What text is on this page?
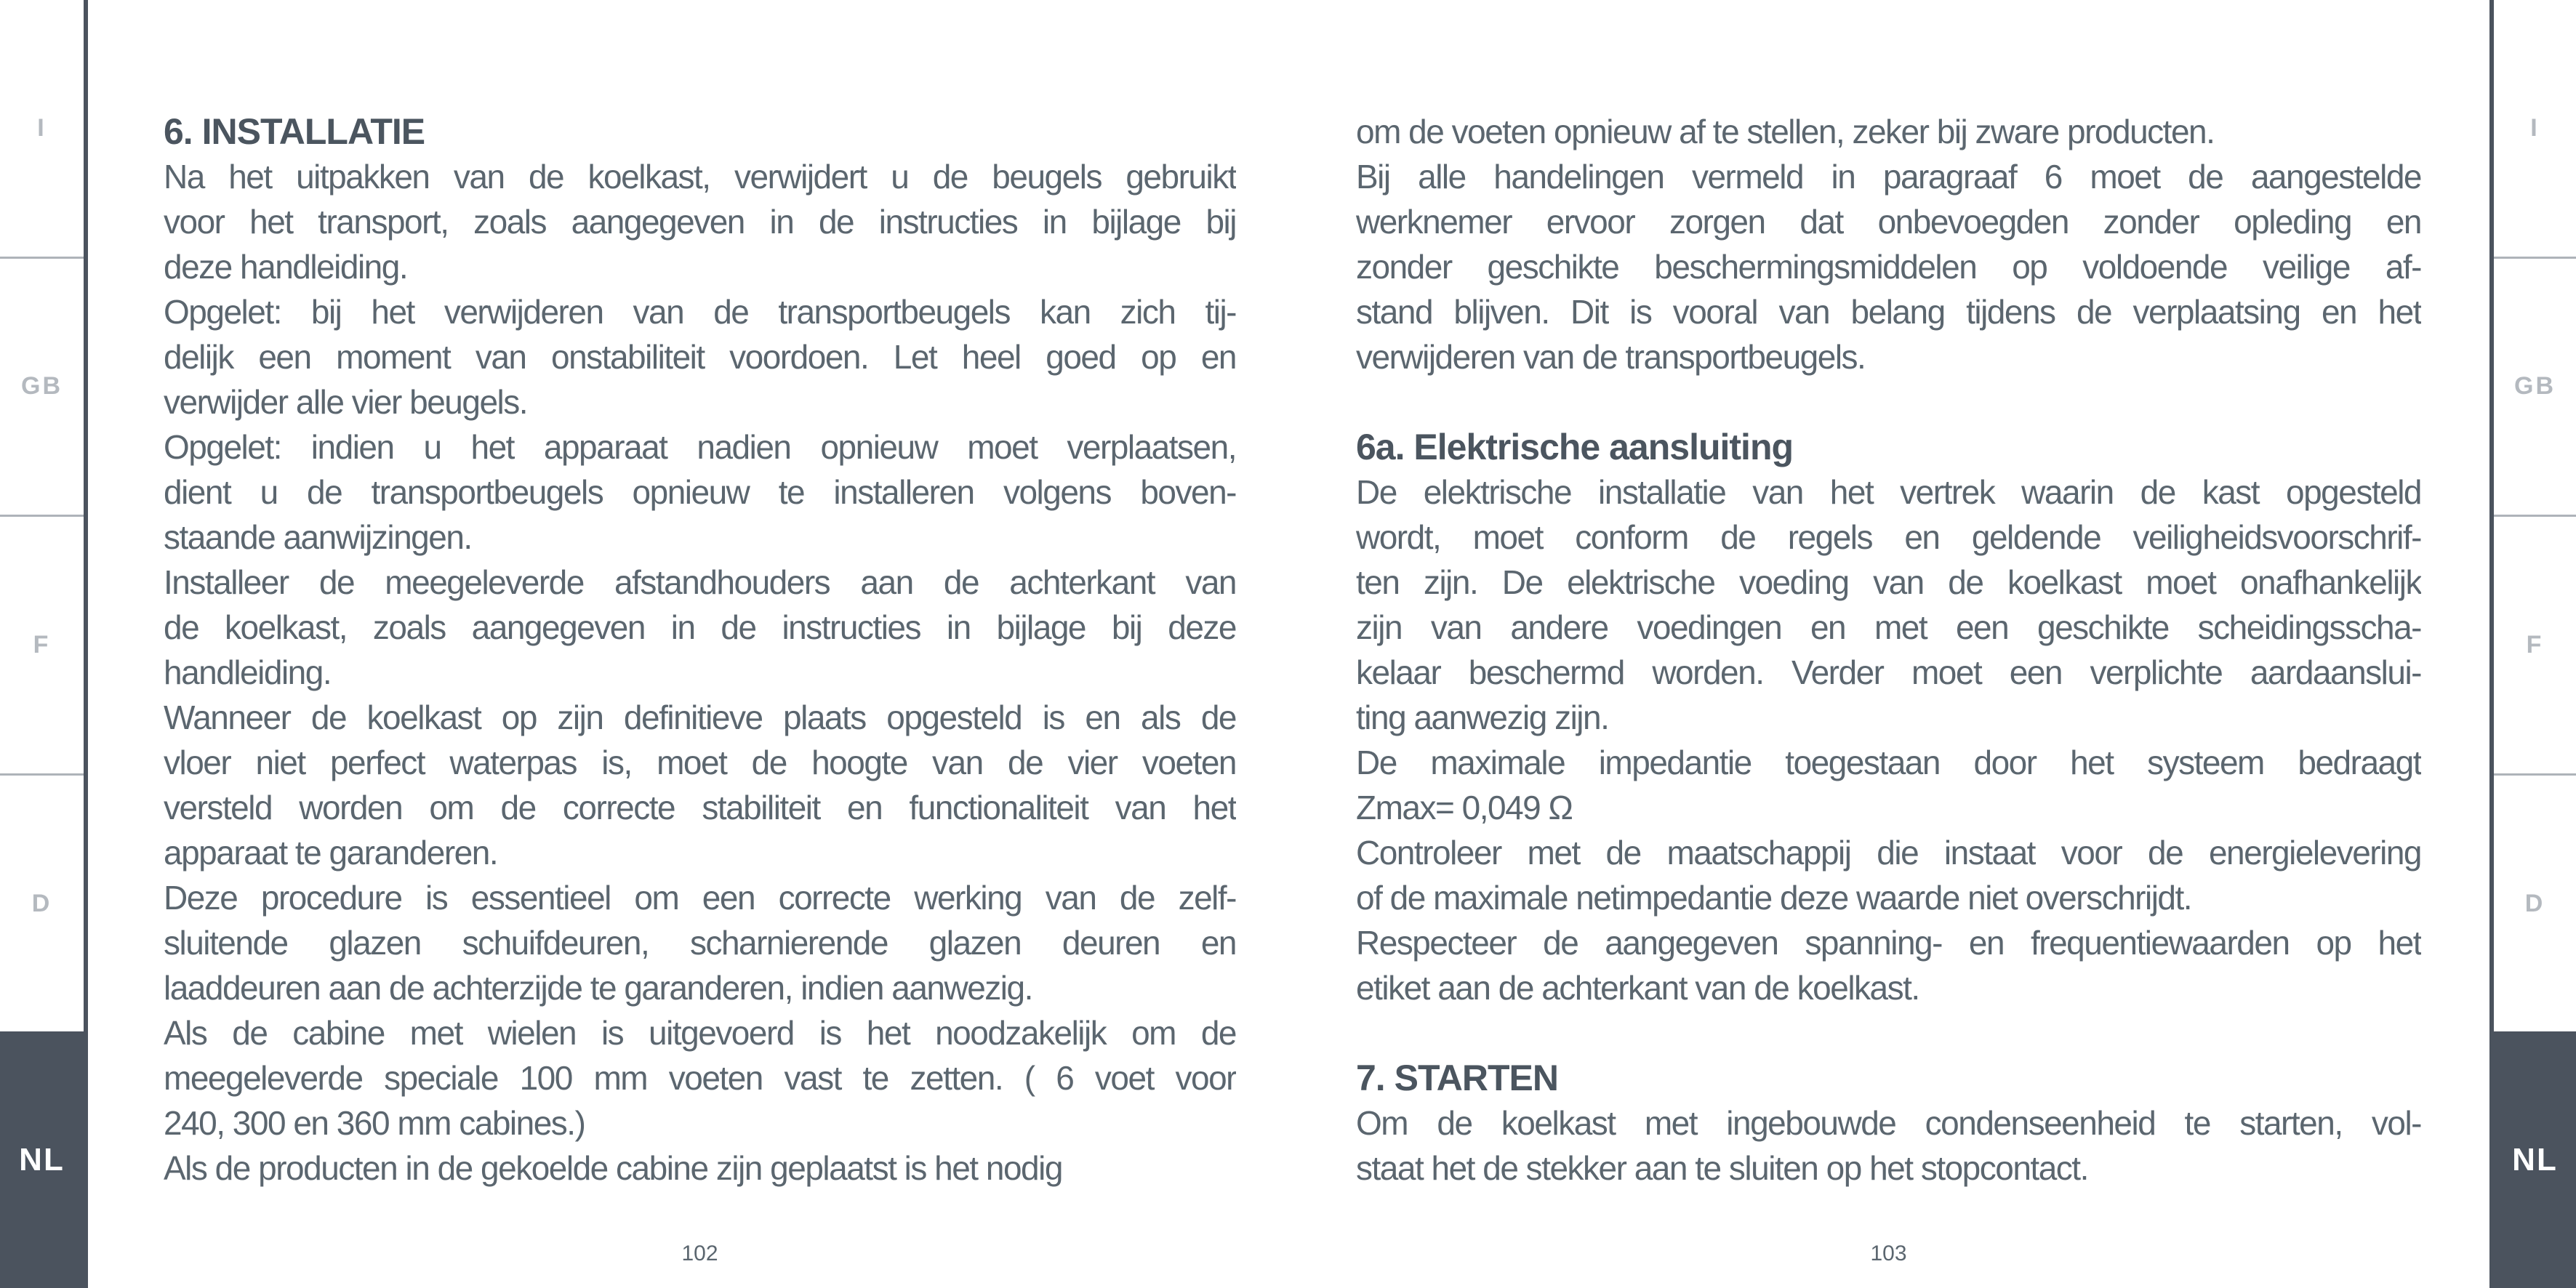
I
GB
F
D
NL
6. INSTALLATIE
Na het uitpakken van de koelkast, verwijdert u de beugels gebruikt
voor het transport, zoals aangegeven in de instructies in bijlage bij
deze handleiding.
Opgelet: bij het verwijderen van de transportbeugels kan zich tij-
delijk een moment van onstabiliteit voordoen. Let heel goed op en
verwijder alle vier beugels.
Opgelet: indien u het apparaat nadien opnieuw moet verplaatsen,
dient u de transportbeugels opnieuw te installeren volgens boven-
staande aanwijzingen.
Installeer de meegeleverde afstandhouders aan de achterkant van
de koelkast, zoals aangegeven in de instructies in bijlage bij deze
handleiding.
Wanneer de koelkast op zijn definitieve plaats opgesteld is en als de
vloer niet perfect waterpas is, moet de hoogte van de vier voeten
versteld worden om de correcte stabiliteit en functionaliteit van het
apparaat te garanderen.
Deze procedure is essentieel om een correcte werking van de zelf-
sluitende glazen schuifdeuren, scharnierende glazen deuren en
laaddeuren aan de achterzijde te garanderen, indien aanwezig.
Als de cabine met wielen is uitgevoerd is het noodzakelijk om de
meegeleverde speciale 100 mm voeten vast te zetten. ( 6 voet voor
240, 300 en 360 mm cabines.)
Als de producten in de gekoelde cabine zijn geplaatst is het nodig
om de voeten opnieuw af te stellen, zeker bij zware producten.
Bij alle handelingen vermeld in paragraaf 6 moet de aangestelde
werknemer ervoor zorgen dat onbevoegden zonder opleding en
zonder geschikte beschermingsmiddelen op voldoende veilige af-
stand blijven. Dit is vooral van belang tijdens de verplaatsing en het
verwijderen van de transportbeugels.
6a. Elektrische aansluiting
De elektrische installatie van het vertrek waarin de kast opgesteld
wordt, moet conform de regels en geldende veiligheidsvoorschrif-
ten zijn. De elektrische voeding van de koelkast moet onafhankelijk
zijn van andere voedingen en met een geschikte scheidingsscha-
kelaar beschermd worden. Verder moet een verplichte aardaanslui-
ting aanwezig zijn.
De maximale impedantie toegestaan door het systeem bedraagt
Zmax= 0,049 Ω
Controleer met de maatschappij die instaat voor de energielevering
of de maximale netimpedantie deze waarde niet overschrijdt.
Respecteer de aangegeven spanning- en frequentiewaarden op het
etiket aan de achterkant van de koelkast.
7. STARTEN
Om de koelkast met ingebouwde condenseenheid te starten, vol-
staat het de stekker aan te sluiten op het stopcontact.
102	103
I
GB
F
D
NL
